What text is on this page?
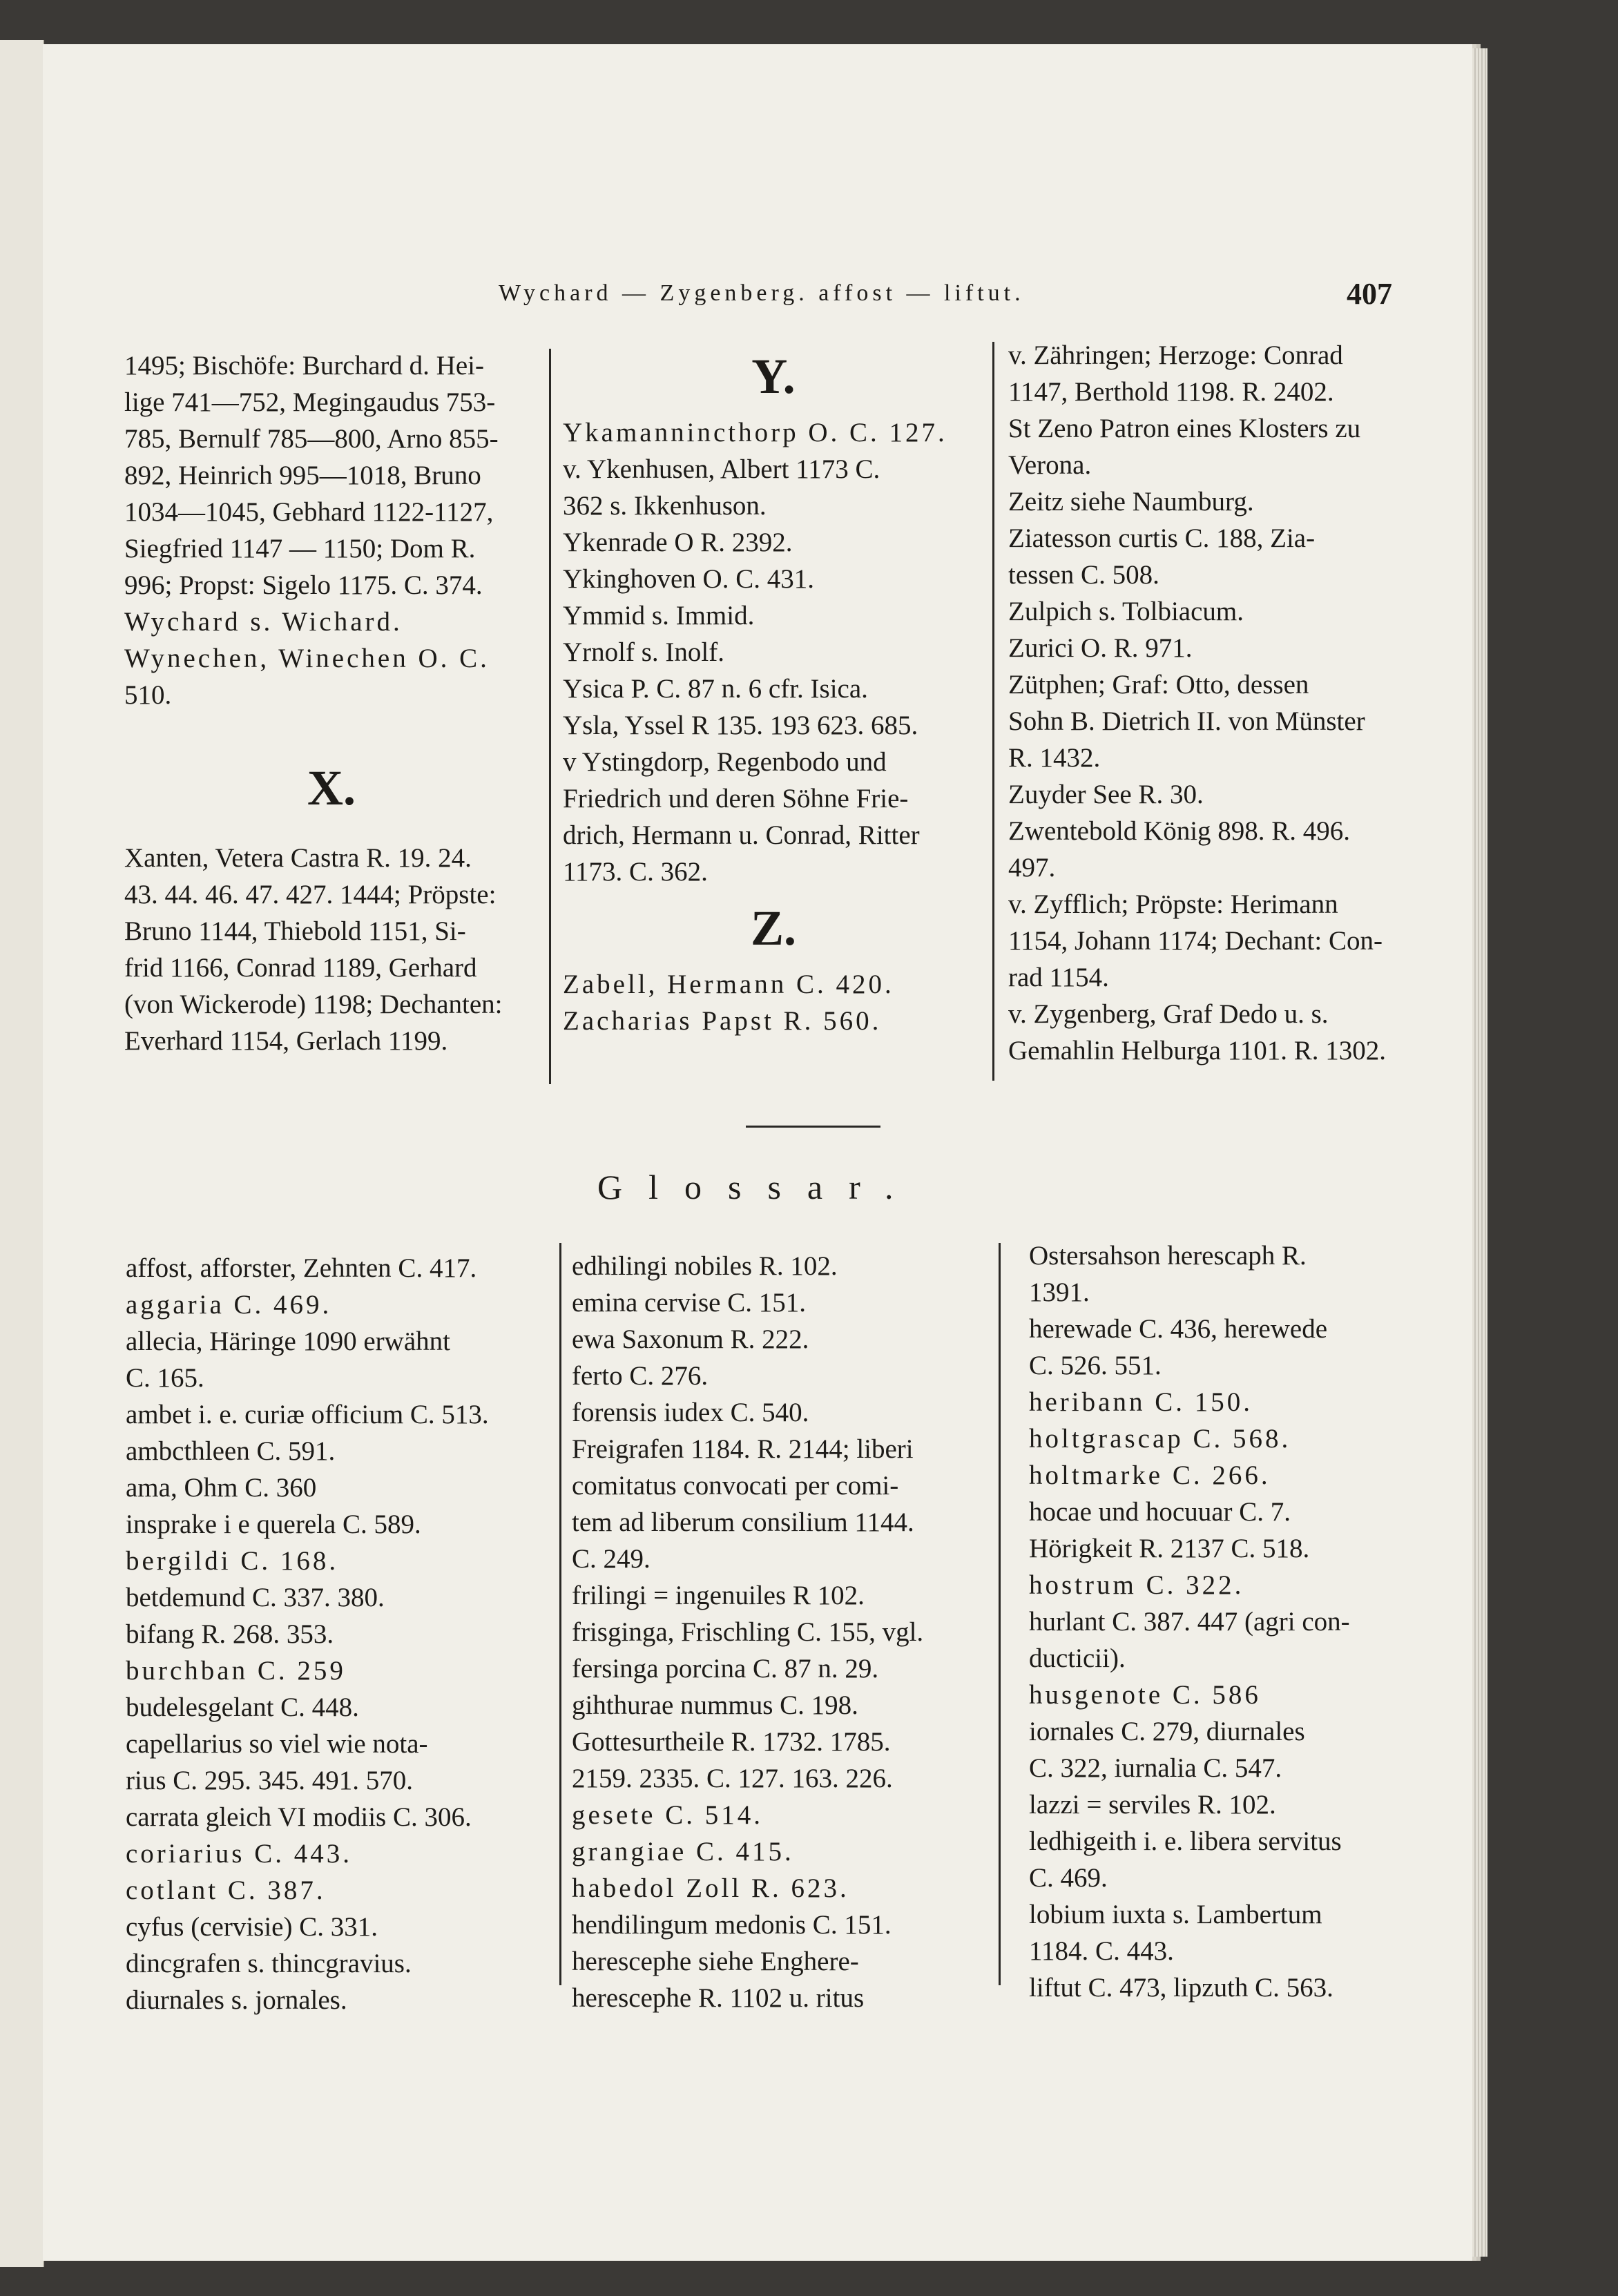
Wychard — Zygenberg. affost — liftut.	407
1495; Bischöfe: Burchard d. Hei-
lige 741—752, Megingaudus 753-
785, Bernulf 785—800, Arno 855-
892, Heinrich 995—1018, Bruno
1034—1045, Gebhard 1122-1127,
Siegfried 1147 — 1150; Dom R.
996; Propst: Sigelo 1175. C. 374.
Wychard s. Wichard.
Wynechen, Winechen O. C.
510.
X.
Xanten, Vetera Castra R. 19. 24.
43. 44. 46. 47. 427. 1444; Pröpste:
Bruno 1144, Thiebold 1151, Si-
frid 1166, Conrad 1189, Gerhard
(von Wickerode) 1198; Dechanten:
Everhard 1154, Gerlach 1199.
Y.
Ykamannincthorp O. C. 127.
v. Ykenhusen, Albert 1173 C.
362 s. Ikkenhuson.
Ykenrade O R. 2392.
Ykinghoven O. C. 431.
Ymmid s. Immid.
Yrnolf s. Inolf.
Ysica P. C. 87 n. 6 cfr. Isica.
Ysla, Yssel R 135. 193 623. 685.
v Ystingdorp, Regenbodo und
Friedrich und deren Söhne Frie-
drich, Hermann u. Conrad, Ritter
1173. C. 362.
Z.
Zabell, Hermann C. 420.
Zacharias Papst R. 560.
v. Zähringen; Herzoge: Conrad
1147, Berthold 1198. R. 2402.
St Zeno Patron eines Klosters zu
Verona.
Zeitz siehe Naumburg.
Ziatesson curtis C. 188, Zia-
tessen C. 508.
Zulpich s. Tolbiacum.
Zurici O. R. 971.
Zütphen; Graf: Otto, dessen
Sohn B. Dietrich II. von Münster
R. 1432.
Zuyder See R. 30.
Zwentebold König 898. R. 496.
497.
v. Zyfflich; Pröpste: Herimann
1154, Johann 1174; Dechant: Con-
rad 1154.
v. Zygenberg, Graf Dedo u. s.
Gemahlin Helburga 1101. R. 1302.
Glossar.
affost, afforster, Zehnten C. 417.
aggaria C. 469.
allecia, Häringe 1090 erwähnt
C. 165.
ambet i. e. curiæ officium C. 513.
ambcthleen C. 591.
ama, Ohm C. 360
insprake i e querela C. 589.
bergildi C. 168.
betdemund C. 337. 380.
bifang R. 268. 353.
burchban C. 259
budelesgelant C. 448.
capellarius so viel wie nota-
rius C. 295. 345. 491. 570.
carrata gleich VI modiis C. 306.
coriarius C. 443.
cotlant C. 387.
cyfus (cervisie) C. 331.
dincgrafen s. thincgravius.
diurnales s. jornales.
edhilingi nobiles R. 102.
emina cervise C. 151.
ewa Saxonum R. 222.
ferto C. 276.
forensis iudex C. 540.
Freigrafen 1184. R. 2144; liberi
comitatus convocati per comi-
tem ad liberum consilium 1144.
C. 249.
frilingi = ingenuiles R 102.
frisginga, Frischling C. 155, vgl.
fersinga porcina C. 87 n. 29.
gihthurae nummus C. 198.
Gottesurtheile R. 1732. 1785.
2159. 2335. C. 127. 163. 226.
gesete C. 514.
grangiae C. 415.
habedol Zoll R. 623.
hendilingum medonis C. 151.
herescephe siehe Enghere-
herescephe R. 1102 u. ritus
Ostersahson herescaph R.
1391.
herewade C. 436, herewede
C. 526. 551.
heribann C. 150.
holtgrascap C. 568.
holtmarke C. 266.
hocae und hocuuar C. 7.
Hörigkeit R. 2137 C. 518.
hostrum C. 322.
hurlant C. 387. 447 (agri con-
ducticii).
husgenote C. 586
iornales C. 279, diurnales
C. 322, iurnalia C. 547.
lazzi = serviles R. 102.
ledhigeith i. e. libera servitus
C. 469.
lobium iuxta s. Lambertum
1184. C. 443.
liftut C. 473, lipzuth C. 563.
